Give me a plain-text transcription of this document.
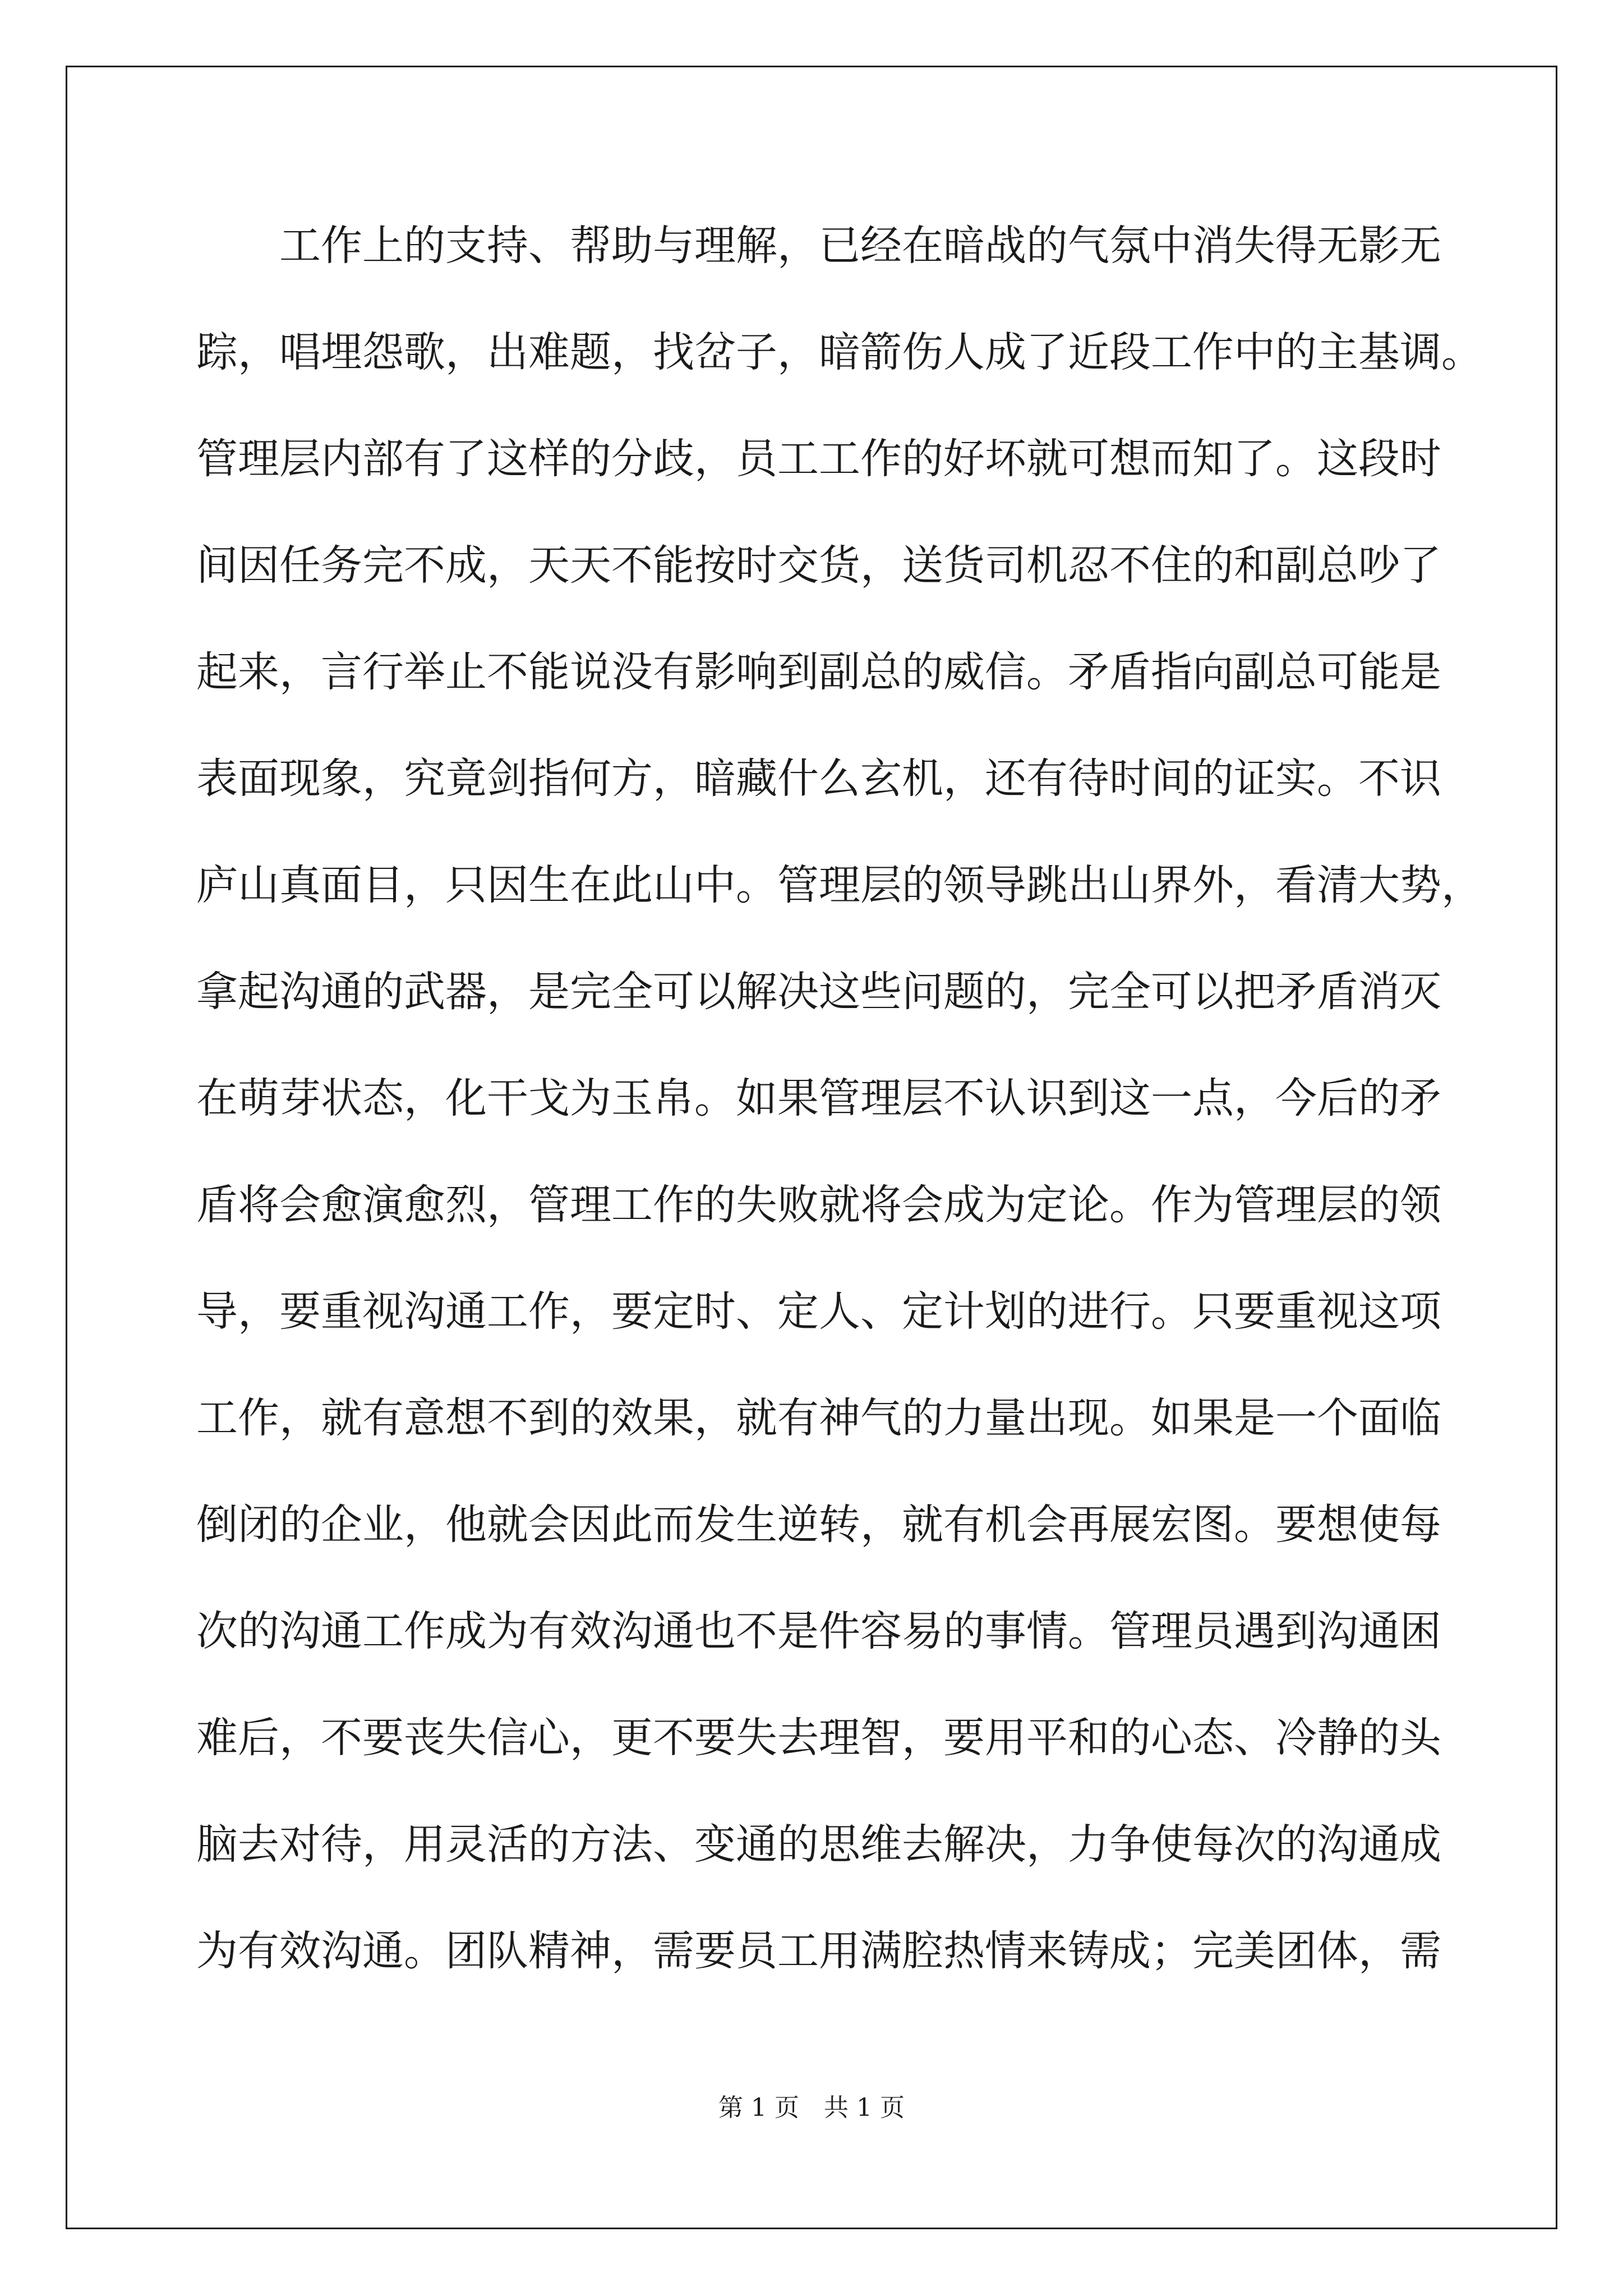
工作上的支持、帮助与理解，已经在暗战的气氛中消失得无影无
踪，唱埋怨歌，出难题，找岔子，暗箭伤人成了近段工作中的主基调。
管理层内部有了这样的分歧，员工工作的好坏就可想而知了。这段时
间因任务完不成，天天不能按时交货，送货司机忍不住的和副总吵了
起来，言行举止不能说没有影响到副总的威信。矛盾指向副总可能是
表面现象，究竟剑指何方，暗藏什么玄机，还有待时间的证实。不识
庐山真面目，只因生在此山中。管理层的领导跳出山界外，看清大势，
拿起沟通的武器，是完全可以解决这些问题的，完全可以把矛盾消灭
在萌芽状态，化干戈为玉帛。如果管理层不认识到这一点，今后的矛
盾将会愈演愈烈，管理工作的失败就将会成为定论。作为管理层的领
导，要重视沟通工作，要定时、定人、定计划的进行。只要重视这项
工作，就有意想不到的效果，就有神气的力量出现。如果是一个面临
倒闭的企业，他就会因此而发生逆转，就有机会再展宏图。要想使每
次的沟通工作成为有效沟通也不是件容易的事情。管理员遇到沟通困
难后，不要丧失信心，更不要失去理智，要用平和的心态、冷静的头
脑去对待，用灵活的方法、变通的思维去解决，力争使每次的沟通成
为有效沟通。团队精神，需要员工用满腔热情来铸成；完美团体，需
第 1 页　共 1 页
